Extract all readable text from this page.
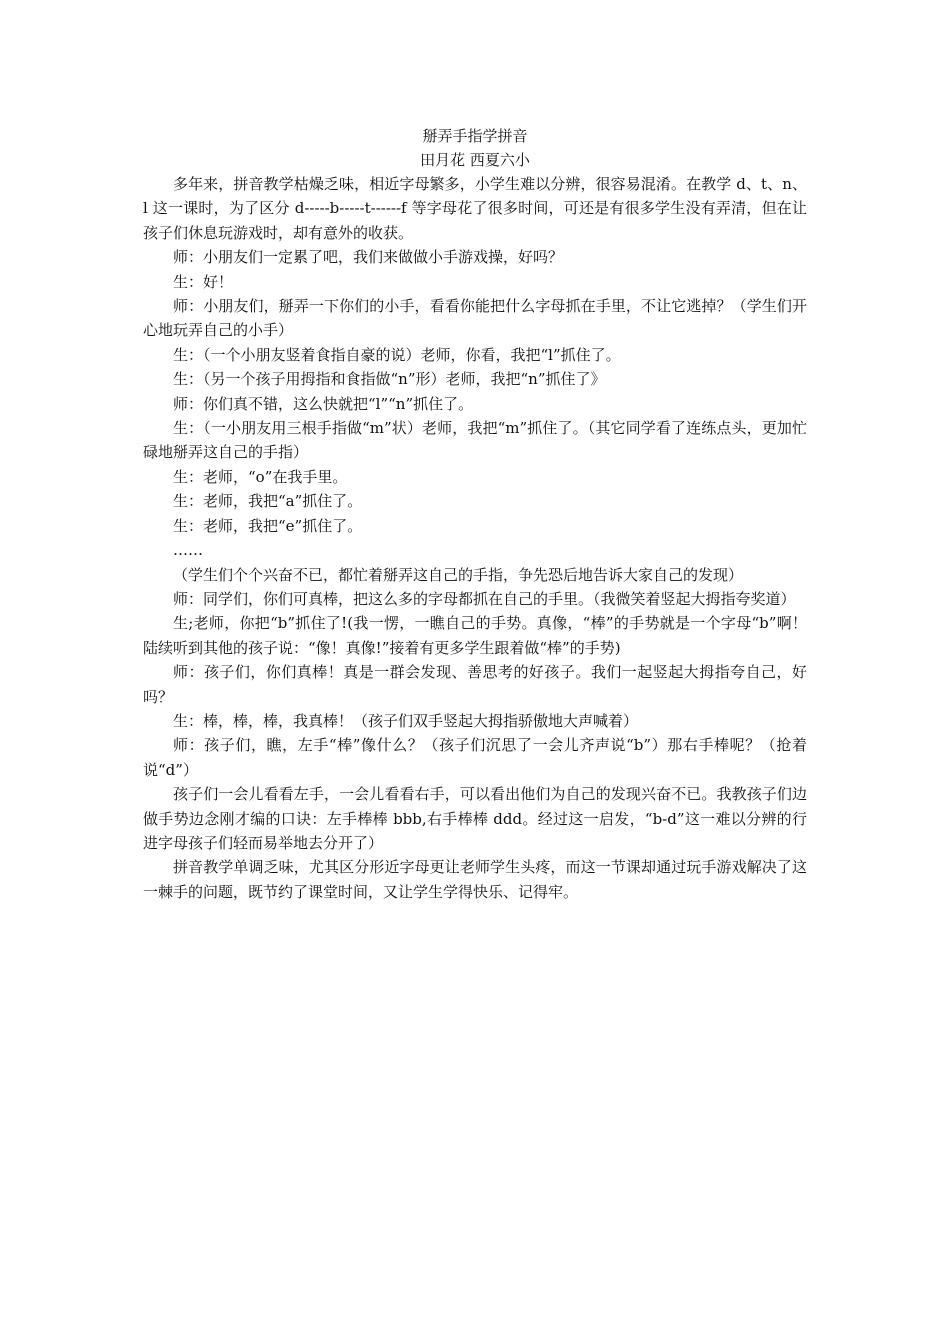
掰弄手指学拼音

田月花 西夏六小

多年来，拼音教学枯燥乏味，相近字母繁多，小学生难以分辨，很容易混淆。在教学 d、t、n、l 这一课时，为了区分 d-----b-----t------f 等字母花了很多时间，可还是有很多学生没有弄清，但在让孩子们休息玩游戏时，却有意外的收获。

师：小朋友们一定累了吧，我们来做做小手游戏操，好吗？

生：好！

师：小朋友们，掰弄一下你们的小手，看看你能把什么字母抓在手里，不让它逃掉？（学生们开心地玩弄自己的小手）

生：（一个小朋友竖着食指自豪的说）老师，你看，我把“l”抓住了。

生：（另一个孩子用拇指和食指做“n”形）老师，我把“n”抓住了》

师：你们真不错，这么快就把“l”“n”抓住了。

生：（一小朋友用三根手指做“m”状）老师，我把“m”抓住了。（其它同学看了连练点头，更加忙碌地掰弄这自己的手指）

生：老师，“o”在我手里。

生：老师，我把“a”抓住了。

生：老师，我把“e”抓住了。

……

（学生们个个兴奋不已，都忙着掰弄这自己的手指，争先恐后地告诉大家自己的发现）

师：同学们，你们可真棒，把这么多的字母都抓在自己的手里。（我微笑着竖起大拇指夸奖道）

生;老师，你把“b”抓住了!(我一愣，一瞧自己的手势。真像，“棒”的手势就是一个字母“b”啊！陆续听到其他的孩子说：“像！真像!”接着有更多学生跟着做“棒”的手势)

师：孩子们，你们真棒！真是一群会发现、善思考的好孩子。我们一起竖起大拇指夸自己，好吗？

生：棒，棒，棒，我真棒！（孩子们双手竖起大拇指骄傲地大声喊着）

师：孩子们，瞧，左手“棒”像什么？（孩子们沉思了一会儿齐声说“b”）那右手棒呢？（抢着说“d”）

孩子们一会儿看看左手，一会儿看看右手，可以看出他们为自己的发现兴奋不已。我教孩子们边做手势边念刚才编的口诀：左手棒棒 bbb,右手棒棒 ddd。经过这一启发，“b-d”这一难以分辨的行进字母孩子们轻而易举地去分开了）

拼音教学单调乏味，尤其区分形近字母更让老师学生头疼，而这一节课却通过玩手游戏解决了这一棘手的问题，既节约了课堂时间，又让学生学得快乐、记得牢。
